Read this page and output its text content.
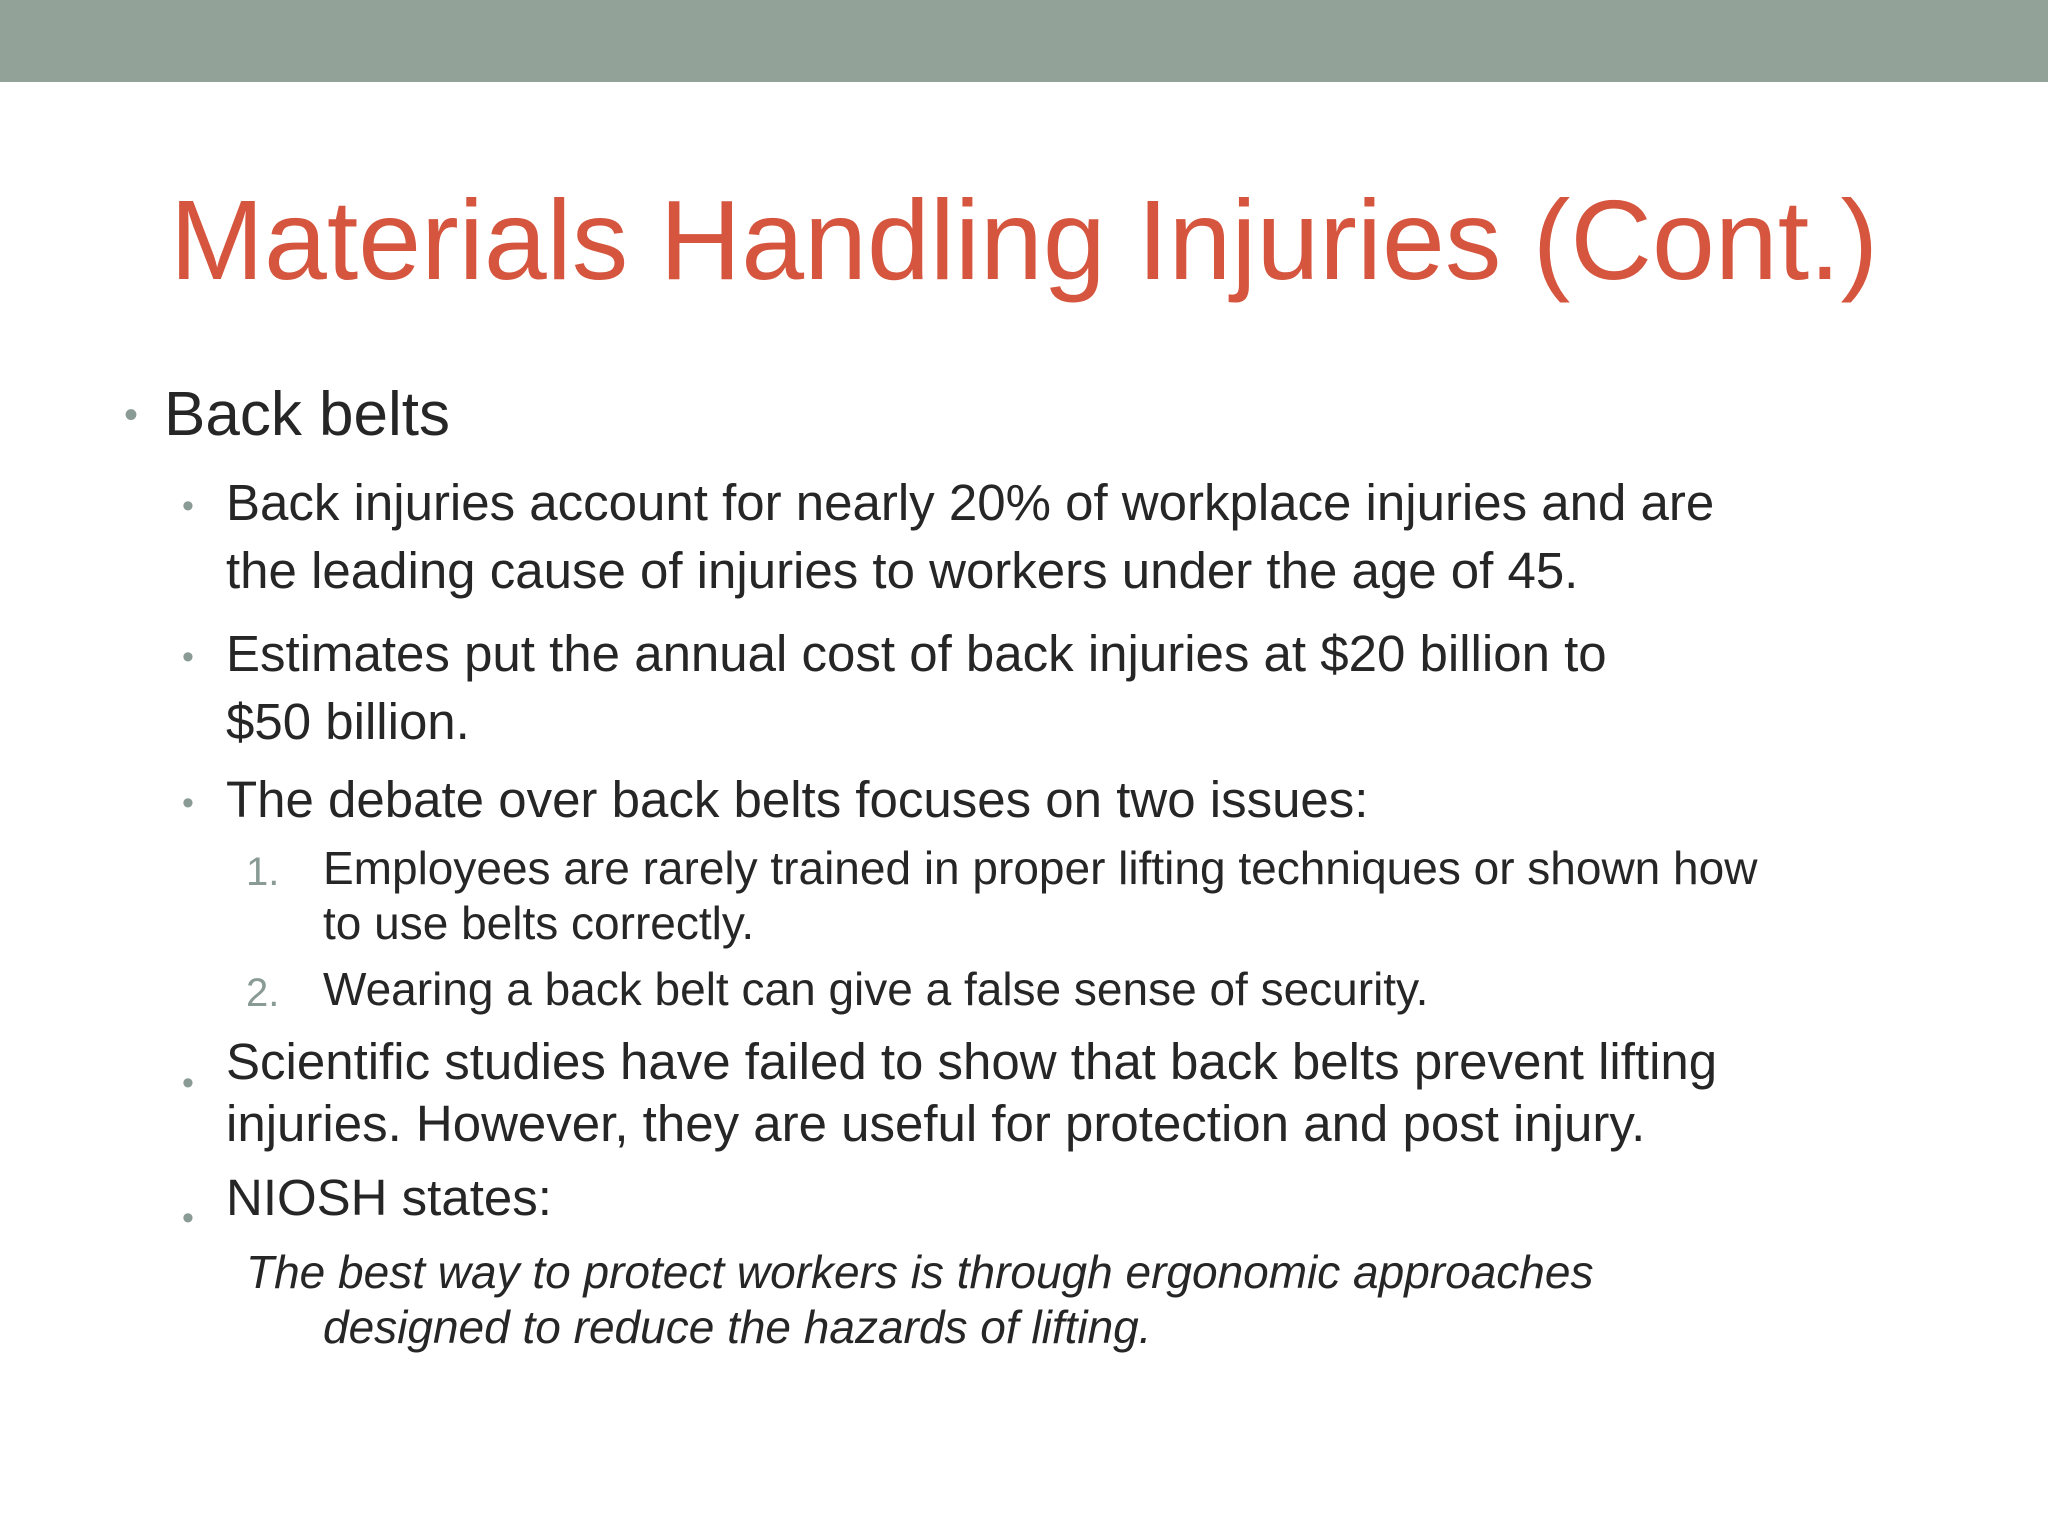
Materials Handling Injuries (Cont.)
• Back belts
• Back injuries account for nearly 20% of workplace injuries and are
the leading cause of injuries to workers under the age of 45.
• Estimates put the annual cost of back injuries at $20 billion to
$50 billion.
• The debate over back belts focuses on two issues:
1. Employees are rarely trained in proper lifting techniques or shown how
to use belts correctly.
2. Wearing a back belt can give a false sense of security.
• Scientific studies have failed to show that back belts prevent lifting
injuries. However, they are useful for protection and post injury.
• NIOSH states:
The best way to protect workers is through ergonomic approaches
designed to reduce the hazards of lifting.
